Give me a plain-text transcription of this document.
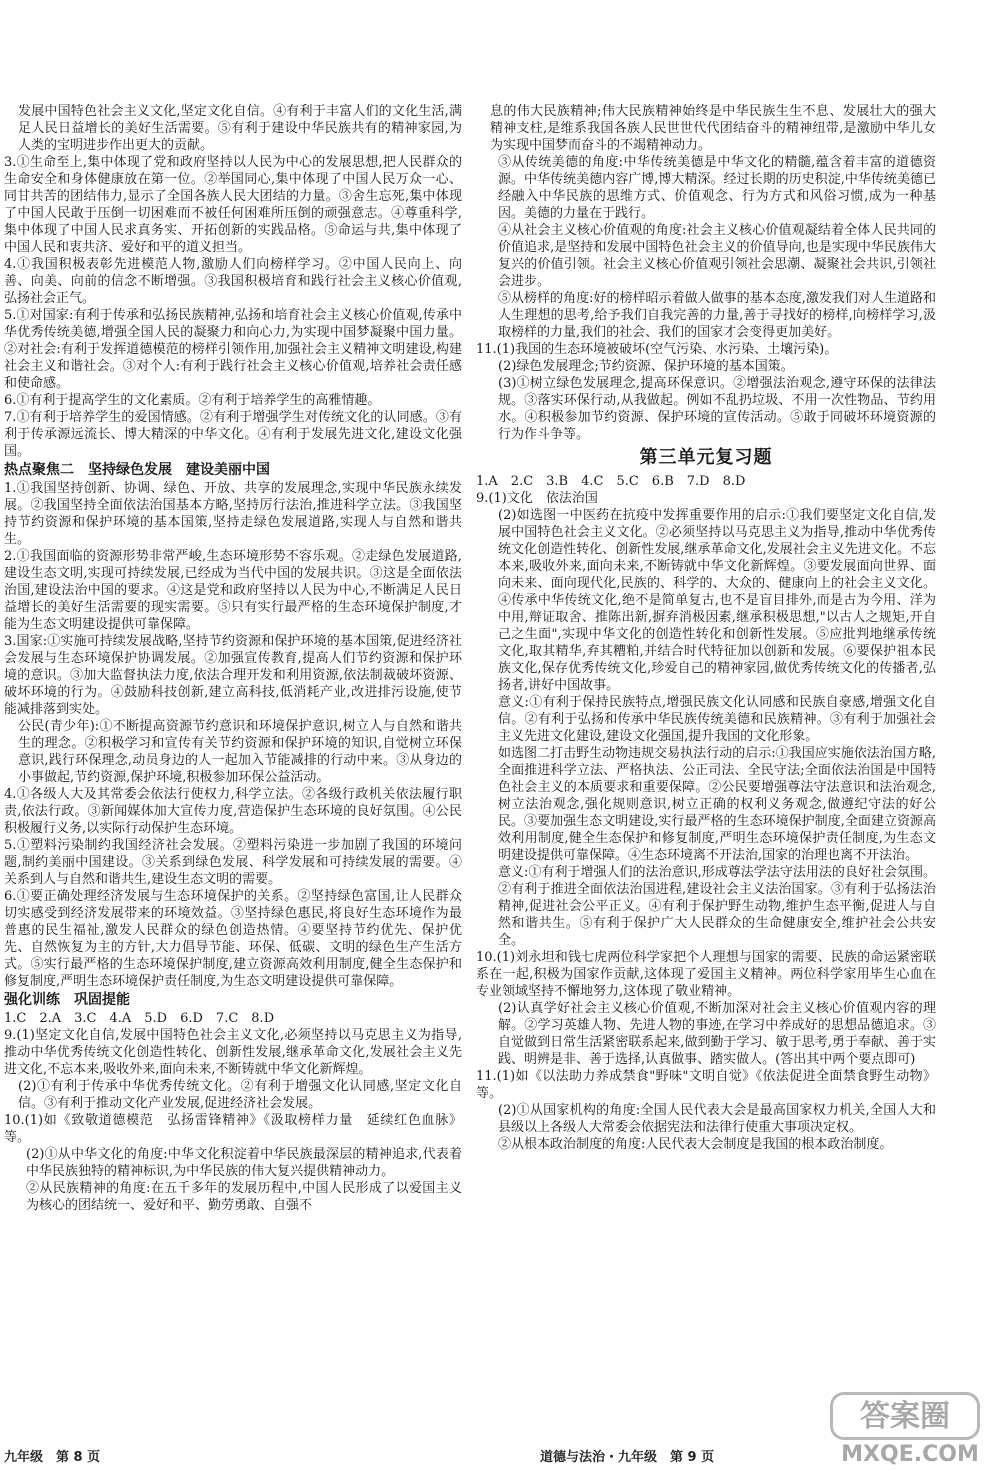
发展中国特色社会主义文化,坚定文化自信。④有利于丰富人们的文化生活,满足人民日益增长的美好生活需要。⑤有利于建设中华民族共有的精神家园,为人类的宝明进步作出更大的贡献。

3.①生命至上,集中体现了党和政府坚持以人民为中心的发展思想,把人民群众的生命安全和身体健康放在第一位。②举国同心,集中体现了中国人民万众一心、同甘共苦的团结伟力,显示了全国各族人民大团结的力量。③舍生忘死,集中体现了中国人民敢于压倒一切困难而不被任何困难所压倒的顽强意志。④尊重科学,集中体现了中国人民求真务实、开拓创新的实践品格。⑤命运与共,集中体现了中国人民和衷共济、爱好和平的道义担当。

4.①我国积极表彰先进模范人物,激励人们向榜样学习。②中国人民向上、向善、向美、向前的信念不断增强。③我国积极培育和践行社会主义核心价值观,弘扬社会正气。

5.①对国家:有利于传承和弘扬民族精神,弘扬和培育社会主义核心价值观,传承中华优秀传统美德,增强全国人民的凝聚力和向心力,为实现中国梦凝聚中国力量。②对社会:有利于发挥道德模范的榜样引领作用,加强社会主义精神文明建设,构建社会主义和谐社会。③对个人:有利于践行社会主义核心价值观,培养社会责任感和使命感。

6.①有利于提高学生的文化素质。②有利于培养学生的高雅情趣。

7.①有利于培养学生的爱国情感。②有利于增强学生对传统文化的认同感。③有利于传承源远流长、博大精深的中华文化。④有利于发展先进文化,建设文化强国。

热点聚焦二　坚持绿色发展　建设美丽中国

1.①我国坚持创新、协调、绿色、开放、共享的发展理念,实现中华民族永续发展。②我国坚持全面依法治国基本方略,坚持厉行法治,推进科学立法。③我国坚持节约资源和保护环境的基本国策,坚持走绿色发展道路,实现人与自然和谐共生。

2.①我国面临的资源形势非常严峻,生态环境形势不容乐观。②走绿色发展道路,建设生态文明,实现可持续发展,已经成为当代中国的发展共识。③这是全面依法治国,建设法治中国的要求。④这是党和政府坚持以人民为中心,不断满足人民日益增长的美好生活需要的现实需要。⑤只有实行最严格的生态环境保护制度,才能为生态文明建设提供可靠保障。

3.国家:①实施可持续发展战略,坚持节约资源和保护环境的基本国策,促进经济社会发展与生态环境保护协调发展。②加强宣传教育,提高人们节约资源和保护环境的意识。③加大监督执法力度,依法合理开发和利用资源,依法制裁破坏资源、破坏环境的行为。④鼓励科技创新,建立高科技,低消耗产业,改进排污设施,使节能减排落到实处。

公民(青少年):①不断提高资源节约意识和环境保护意识,树立人与自然和谐共生的理念。②积极学习和宣传有关节约资源和保护环境的知识,自觉树立环保意识,践行环保理念,动员身边的人一起加入节能减排的行动中来。③从身边的小事做起,节约资源,保护环境,积极参加环保公益活动。

4.①各级人大及其常委会依法行使权力,科学立法。②各级行政机关依法履行职责,依法行政。③新闻媒体加大宣传力度,营造保护生态环境的良好氛围。④公民积极履行义务,以实际行动保护生态环境。

5.①塑料污染制约我国经济社会发展。②塑料污染进一步加剧了我国的环境问题,制约美丽中国建设。③关系到绿色发展、科学发展和可持续发展的需要。④关系到人与自然和谐共生,建设生态文明的需要。

6.①要正确处理经济发展与生态环境保护的关系。②坚持绿色富国,让人民群众切实感受到经济发展带来的环境效益。③坚持绿色惠民,将良好生态环境作为最普惠的民生福祉,激发人民群众的绿色创造热情。④要坚持节约优先、保护优先、自然恢复为主的方针,大力倡导节能、环保、低碳、文明的绿色生产生活方式。⑤实行最严格的生态环境保护制度,建立资源高效利用制度,健全生态保护和修复制度,严明生态环境保护责任制度,为生态文明建设提供可靠保障。

强化训练　巩固提能

1.C　2.A　3.C　4.A　5.D　6.D　7.C　8.D

9.(1)坚定文化自信,发展中国特色社会主义文化,必须坚持以马克思主义为指导,推动中华优秀传统文化创造性转化、创新性发展,继承革命文化,发展社会主义先进文化,不忘本来,吸收外来,面向未来,不断铸就中华文化新辉煌。

(2)①有利于传承中华优秀传统文化。②有利于增强文化认同感,坚定文化自信。③有利于推动文化产业发展,促进经济社会发展。

10.(1)如《致敬道德模范　弘扬雷锋精神》《汲取榜样力量　延续红色血脉》等。

(2)①从中华文化的角度:中华文化积淀着中华民族最深层的精神追求,代表着中华民族独特的精神标识,为中华民族的伟大复兴提供精神动力。

②从民族精神的角度:在五千多年的发展历程中,中国人民形成了以爱国主义为核心的团结统一、爱好和平、勤劳勇敢、自强不

息的伟大民族精神;伟大民族精神始终是中华民族生生不息、发展壮大的强大精神支柱,是维系我国各族人民世世代代团结奋斗的精神纽带,是激励中华儿女为实现中国梦而奋斗的不竭精神动力。

③从传统美德的角度:中华传统美德是中华文化的精髓,蕴含着丰富的道德资源。中华传统美德内容广博,博大精深。经过长期的历史积淀,中华传统美德已经融入中华民族的思维方式、价值观念、行为方式和风俗习惯,成为一种基因。美德的力量在于践行。

④从社会主义核心价值观的角度:社会主义核心价值观凝结着全体人民共同的价值追求,是坚持和发展中国特色社会主义的价值导向,也是实现中华民族伟大复兴的价值引领。社会主义核心价值观引领社会思潮、凝聚社会共识,引领社会进步。

⑤从榜样的角度:好的榜样昭示着做人做事的基本态度,激发我们对人生道路和人生理想的思考,给予我们自我完善的力量,善于寻找好的榜样,向榜样学习,汲取榜样的力量,我们的社会、我们的国家才会变得更加美好。

11.(1)我国的生态环境被破坏(空气污染、水污染、土壤污染)。

(2)绿色发展理念;节约资源、保护环境的基本国策。

(3)①树立绿色发展理念,提高环保意识。②增强法治观念,遵守环保的法律法规。③落实环保行动,从我做起。例如不乱扔垃圾、不用一次性物品、节约用水。④积极参加节约资源、保护环境的宣传活动。⑤敢于同破坏环境资源的行为作斗争等。

第三单元复习题

1.A　2.C　3.B　4.C　5.C　6.B　7.D　8.D

9.(1)文化　依法治国

(2)如选图一中医药在抗疫中发挥重要作用的启示:①我们要坚定文化自信,发展中国特色社会主义文化。②必须坚持以马克思主义为指导,推动中华优秀传统文化创造性转化、创新性发展,继承革命文化,发展社会主义先进文化。不忘本来,吸收外来,面向未来,不断铸就中华文化新辉煌。③要发展面向世界、面向未来、面向现代化,民族的、科学的、大众的、健康向上的社会主义文化。④传承中华传统文化,绝不是简单复古,也不是盲目排外,而是古为今用、洋为中用,辩证取舍、推陈出新,摒弃消极因素,继承积极思想,"以古人之规矩,开自己之生面",实现中华文化的创造性转化和创新性发展。⑤应批判地继承传统文化,取其精华,弃其糟粕,并结合时代特征加以创新和发展。⑥要保护祖本民族文化,保存优秀传统文化,珍爱自己的精神家园,做优秀传统文化的传播者,弘扬者,讲好中国故事。

意义:①有利于保持民族特点,增强民族文化认同感和民族自豪感,增强文化自信。②有利于弘扬和传承中华民族传统美德和民族精神。③有利于加强社会主义先进文化建设,建设文化强国,提升我国的文化形象。

如选图二打击野生动物违规交易执法行动的启示:①我国应实施依法治国方略,全面推进科学立法、严格执法、公正司法、全民守法;全面依法治国是中国特色社会主义的本质要求和重要保障。②公民要增强尊法守法意识和法治观念,树立法治观念,强化规则意识,树立正确的权利义务观念,做遵纪守法的好公民。③要加强生态文明建设,实行最严格的生态环境保护制度,全面建立资源高效利用制度,健全生态保护和修复制度,严明生态环境保护责任制度,为生态文明建设提供可靠保障。④生态环境离不开法治,国家的治理也离不开法治。

意义:①有利于增强人们的法治意识,形成尊法学法守法用法的良好社会氛围。②有利于推进全面依法治国进程,建设社会主义法治国家。③有利于弘扬法治精神,促进社会公平正义。④有利于保护野生动物,维护生态平衡,促进人与自然和谐共生。⑤有利于保护广大人民群众的生命健康安全,维护社会公共安全。

10.(1)刘永坦和钱七虎两位科学家把个人理想与国家的需要、民族的命运紧密联系在一起,积极为国家作贡献,这体现了爱国主义精神。两位科学家用毕生心血在专业领域坚持不懈地努力,这体现了敬业精神。

(2)认真学好社会主义核心价值观,不断加深对社会主义核心价值观内容的理解。②学习英雄人物、先进人物的事迹,在学习中养成好的思想品德追求。③自觉做到日常生活紧密联系起来,做到勤于学习、敏于思考,勇于奉献、善于实践、明辨是非、善于选择,认真做事、踏实做人。(答出其中两个要点即可)

11.(1)如《以法助力养成禁食"野味"文明自觉》《依法促进全面禁食野生动物》等。

(2)①从国家机构的角度:全国人民代表大会是最高国家权力机关,全国人大和县级以上各级人大常委会依据宪法和法律行使重大事项决定权。

②从根本政治制度的角度:人民代表大会制度是我国的根本政治制度。

九年级　第 8 页	道德与法治・九年级　第 9 页
答案圈
MXQE.COM
